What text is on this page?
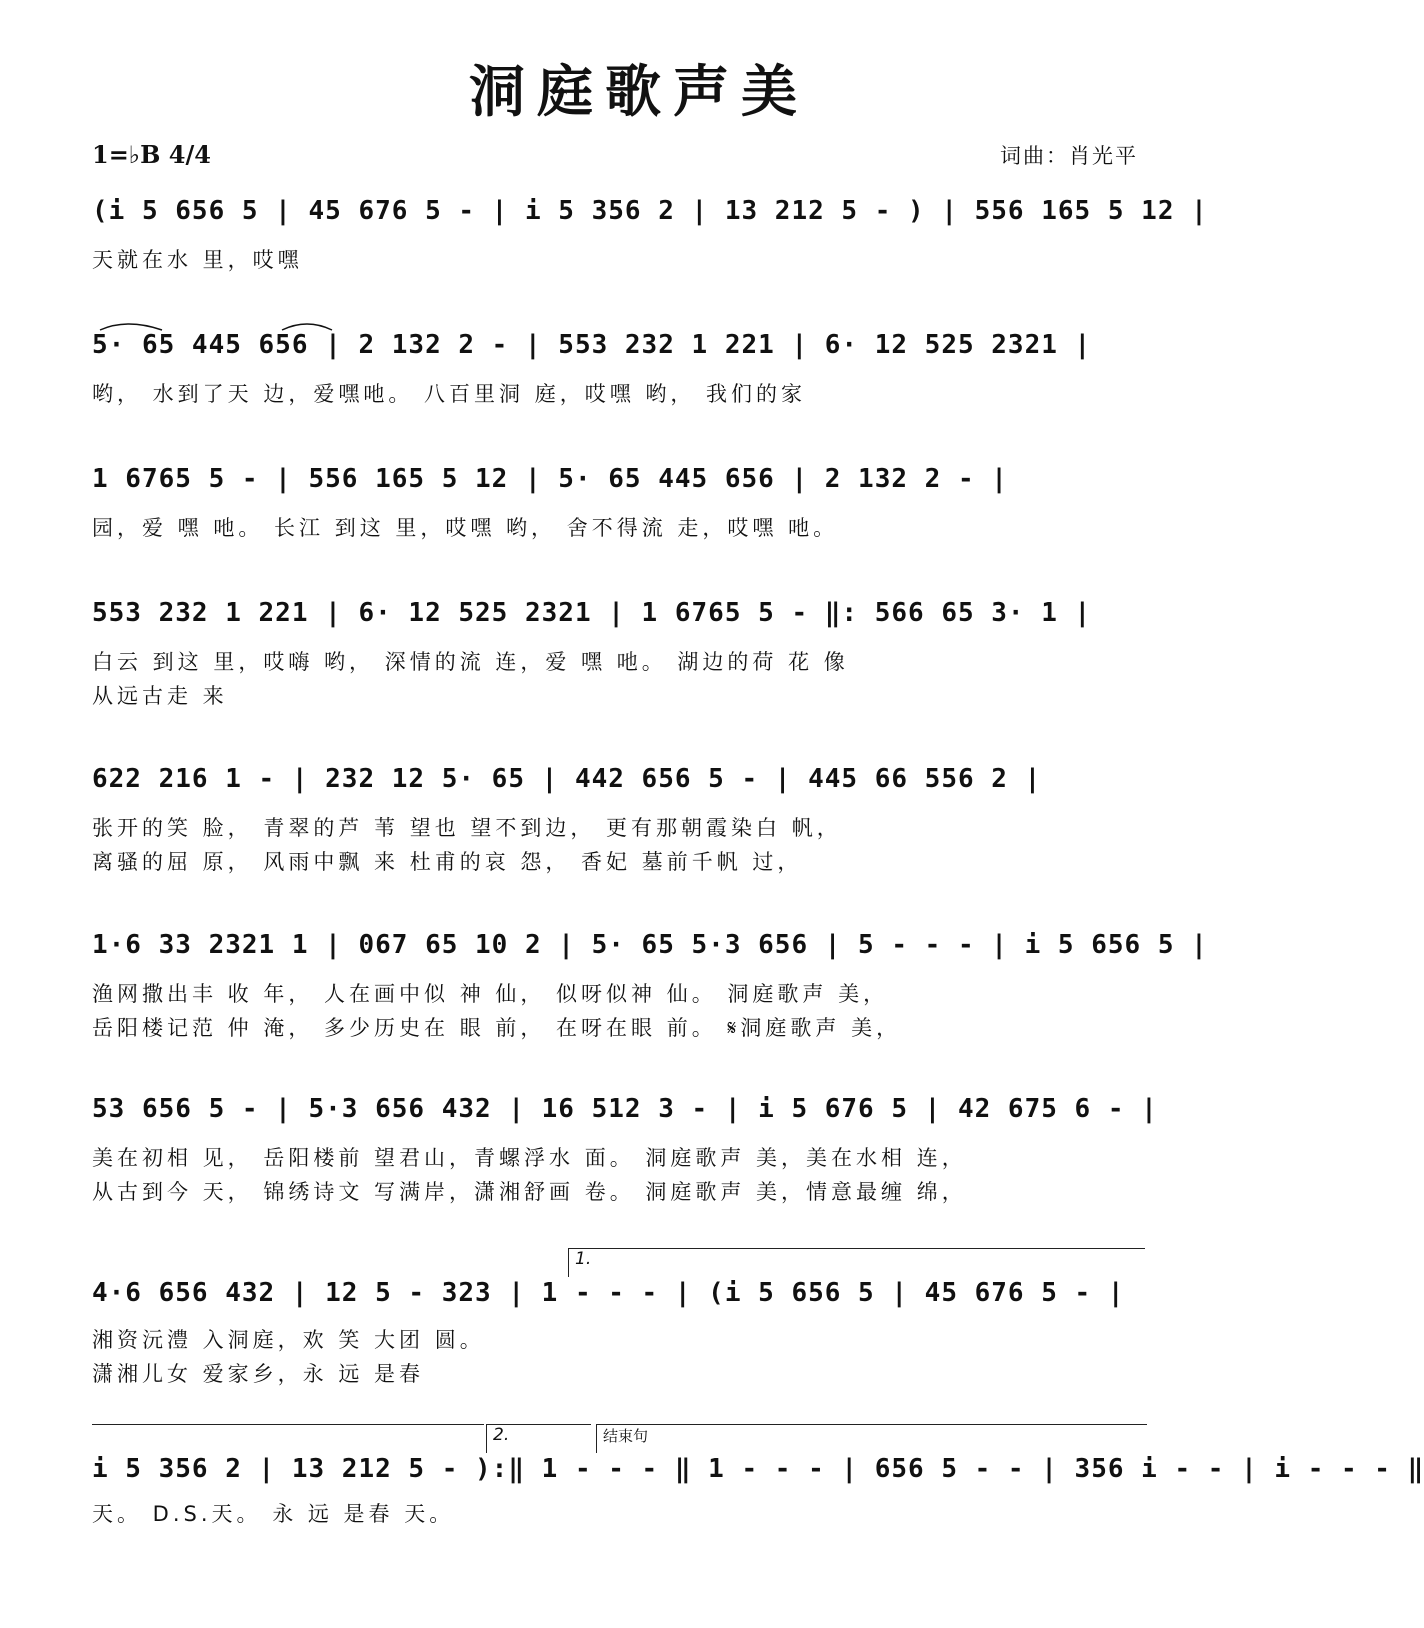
洞庭歌声美
1=♭B 4/4	词曲：肖光平
(i 5 656 5 | 45 676 5 - | i 5 356 2 | 13 212 5 - ) | 556 165 5 12 |
天就在水 里，哎嘿
5· 65 445 656 | 2 132 2 - | 553 232 1 221 | 6· 12 525 2321 |
哟， 水到了天 边，爱嘿吔。 八百里洞 庭，哎嘿 哟， 我们的家
1 6765 5 - | 556 165 5 12 | 5· 65 445 656 | 2 132 2 - |
园，爱 嘿 吔。 长江 到这 里，哎嘿 哟， 舍不得流 走，哎嘿 吔。
553 232 1 221 | 6· 12 525 2321 | 1 6765 5 - ‖: 566 65 3· 1 |
白云 到这 里，哎嗨 哟， 深情的流 连，爱 嘿 吔。 湖边的荷 花 像
从远古走 来
622 216 1 - | 232 12 5· 65 | 442 656 5 - | 445 66 556 2 |
张开的笑 脸， 青翠的芦 苇 望也 望不到边， 更有那朝霞染白 帆，
离骚的屈 原， 风雨中飘 来 杜甫的哀 怨， 香妃 墓前千帆 过，
1·6 33 2321 1 | 067 65 10 2 | 5· 65 5·3 656 | 5 - - - | i 5 656 5 |
渔网撒出丰 收 年， 人在画中似 神 仙， 似呀似神 仙。 洞庭歌声 美，
岳阳楼记范 仲 淹， 多少历史在 眼 前， 在呀在眼 前。 𝄋洞庭歌声 美，
53 656 5 - | 5·3 656 432 | 16 512 3 - | i 5 676 5 | 42 675 6 - |
美在初相 见， 岳阳楼前 望君山，青螺浮水 面。 洞庭歌声 美，美在水相 连，
从古到今 天， 锦绣诗文 写满岸，潇湘舒画 卷。 洞庭歌声 美，情意最缠 绵，
1.
4·6 656 432 | 12 5 - 323 | 1 - - - | (i 5 656 5 | 45 676 5 - |
湘资沅澧 入洞庭，欢 笑 大团 圆。
潇湘儿女 爱家乡，永 远 是春
2.	结束句
i 5 356 2 | 13 212 5 - ):‖ 1 - - - ‖ 1 - - - | 656 5 - - | 356 i - - | i - - - ‖
天。 D.S.天。 永 远 是春 天。
